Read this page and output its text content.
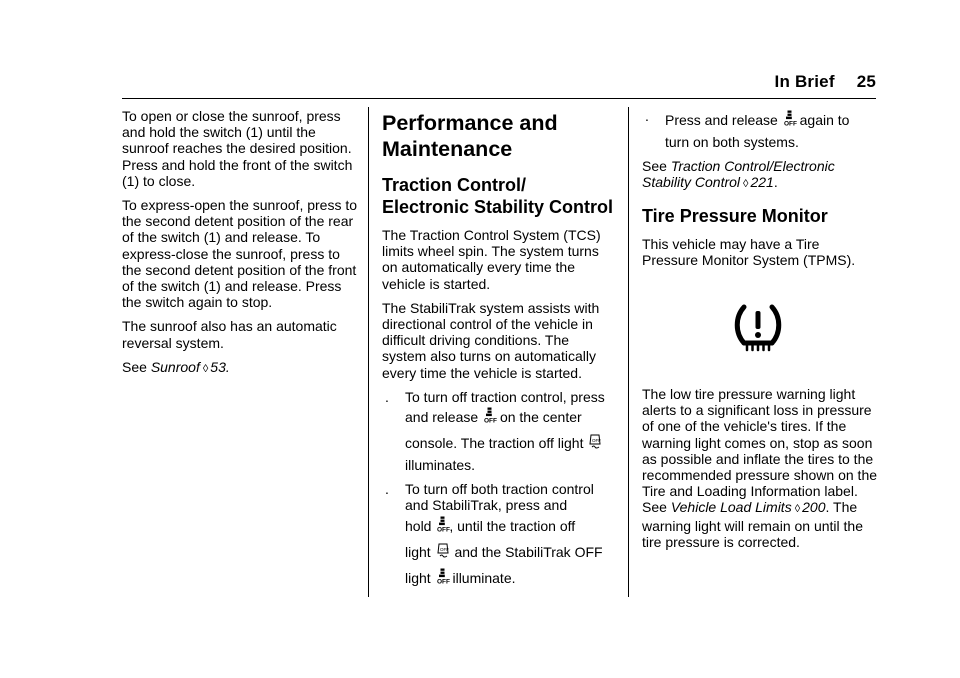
In Brief 25

To open or close the sunroof, press and hold the switch (1) until the sunroof reaches the desired position. Press and hold the front of the switch (1) to close.

To express-open the sunroof, press to the second detent position of the rear of the switch (1) and release. To express-close the sunroof, press to the second detent position of the front of the switch (1) and release. Press the switch again to stop.

The sunroof also has an automatic reversal system.

See Sunroof ◊ 53.

Performance and Maintenance
Traction Control/ Electronic Stability Control

The Traction Control System (TCS) limits wheel spin. The system turns on automatically every time the vehicle is started.

The StabiliTrak system assists with directional control of the vehicle in difficult driving conditions. The system also turns on automatically every time the vehicle is started.

. To turn off traction control, press
and release OFF on the center
console. The traction off light OFF
illuminates.
. To turn off both traction control and StabiliTrak, press and
hold OFF , until the traction off
light OFF and the StabiliTrak OFF
light OFF illuminate.
. Press and release OFF again to
turn on both systems.

See Traction Control/Electronic Stability Control ◊ 221.

Tire Pressure Monitor

This vehicle may have a Tire Pressure Monitor System (TPMS).

The low tire pressure warning light alerts to a significant loss in pressure of one of the vehicle's tires. If the warning light comes on, stop as soon as possible and inflate the tires to the recommended pressure shown on the Tire and Loading Information label. See Vehicle Load Limits ◊ 200. The warning light will remain on until the tire pressure is corrected.
